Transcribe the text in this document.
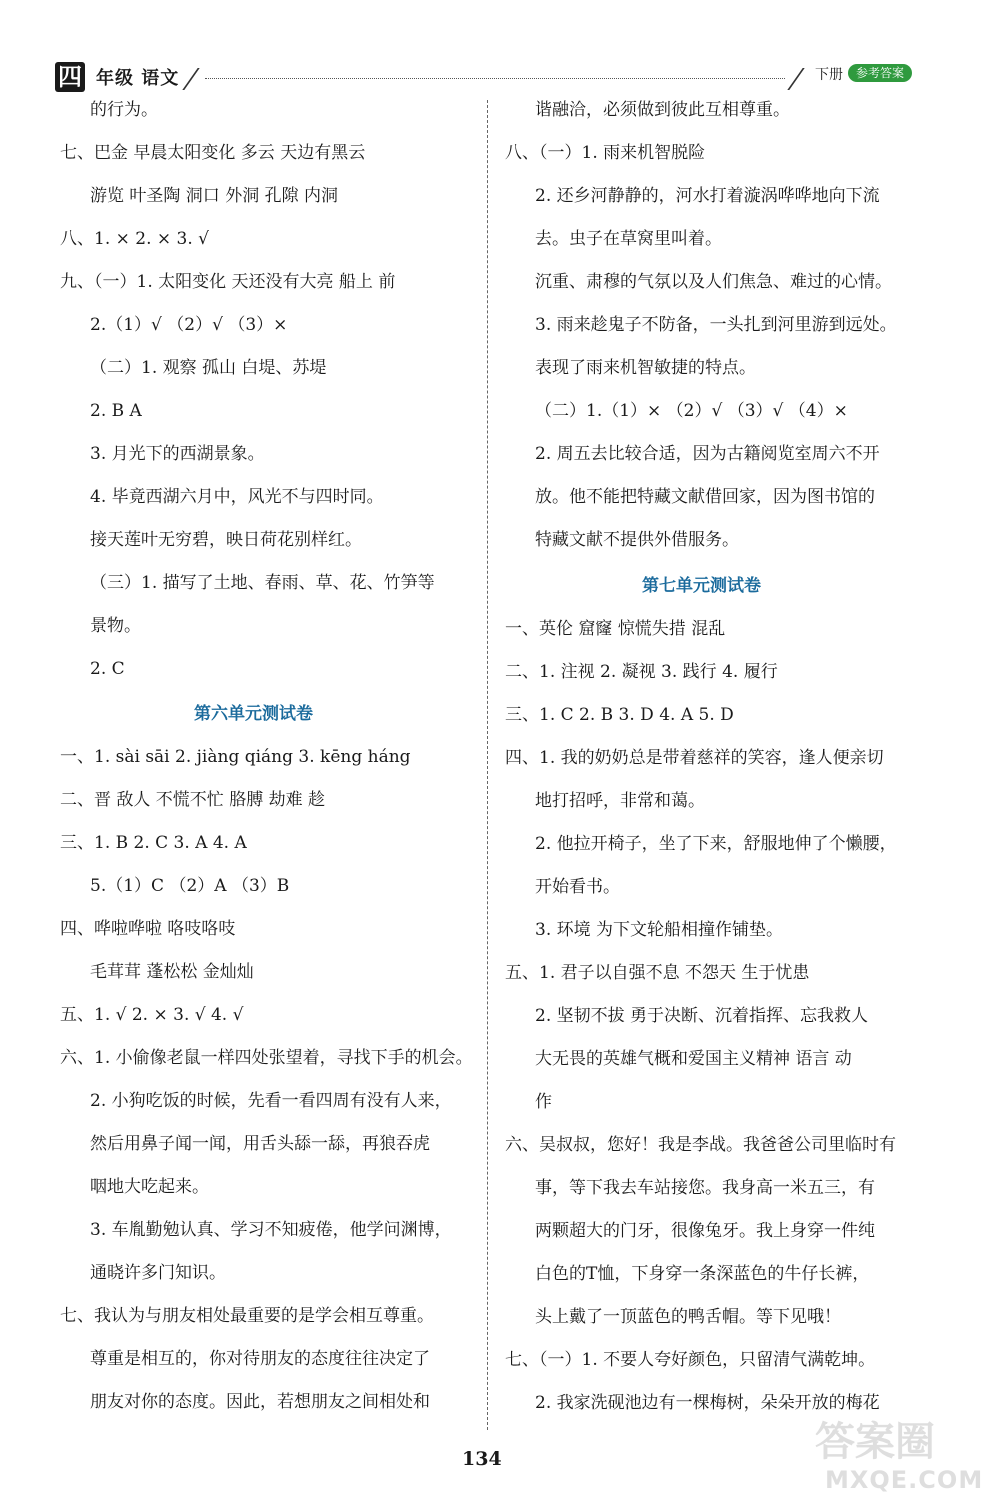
四 年级 语文	下册	参考答案
的行为。
七、巴金 早晨太阳变化 多云 天边有黑云
游览 叶圣陶 洞口 外洞 孔隙 内洞
八、1. × 2. × 3. √
九、（一）1. 太阳变化 天还没有大亮 船上 前
2.（1）√ （2）√ （3）×
（二）1. 观察 孤山 白堤、苏堤
2. B A
3. 月光下的西湖景象。
4. 毕竟西湖六月中，风光不与四时同。
接天莲叶无穷碧，映日荷花别样红。
（三）1. 描写了土地、春雨、草、花、竹笋等
景物。
2. C
第六单元测试卷
一、1. sài sāi 2. jiàng qiáng 3. kēng háng
二、晋 敌人 不慌不忙 胳膊 劫难 趁
三、1. B 2. C 3. A 4. A
5.（1）C （2）A （3）B
四、哗啦哗啦 咯吱咯吱
毛茸茸 蓬松松 金灿灿
五、1. √ 2. × 3. √ 4. √
六、1. 小偷像老鼠一样四处张望着，寻找下手的机会。
2. 小狗吃饭的时候，先看一看四周有没有人来，
然后用鼻子闻一闻，用舌头舔一舔，再狼吞虎
咽地大吃起来。
3. 车胤勤勉认真、学习不知疲倦，他学问渊博，
通晓许多门知识。
七、我认为与朋友相处最重要的是学会相互尊重。
尊重是相互的，你对待朋友的态度往往决定了
朋友对你的态度。因此，若想朋友之间相处和
谐融洽，必须做到彼此互相尊重。
八、（一）1. 雨来机智脱险
2. 还乡河静静的，河水打着漩涡哗哗地向下流
去。虫子在草窝里叫着。
沉重、肃穆的气氛以及人们焦急、难过的心情。
3. 雨来趁鬼子不防备，一头扎到河里游到远处。
表现了雨来机智敏捷的特点。
（二）1.（1）× （2）√ （3）√ （4）×
2. 周五去比较合适，因为古籍阅览室周六不开
放。他不能把特藏文献借回家，因为图书馆的
特藏文献不提供外借服务。
第七单元测试卷
一、英伦 窟窿 惊慌失措 混乱
二、1. 注视 2. 凝视 3. 践行 4. 履行
三、1. C 2. B 3. D 4. A 5. D
四、1. 我的奶奶总是带着慈祥的笑容，逢人便亲切
地打招呼，非常和蔼。
2. 他拉开椅子，坐了下来，舒服地伸了个懒腰，
开始看书。
3. 环境 为下文轮船相撞作铺垫。
五、1. 君子以自强不息 不怨天 生于忧患
2. 坚韧不拔 勇于决断、沉着指挥、忘我救人
大无畏的英雄气概和爱国主义精神 语言 动
作
六、吴叔叔，您好！我是李战。我爸爸公司里临时有
事，等下我去车站接您。我身高一米五三，有
两颗超大的门牙，很像兔牙。我上身穿一件纯
白色的T恤，下身穿一条深蓝色的牛仔长裤，
头上戴了一顶蓝色的鸭舌帽。等下见哦！
七、（一）1. 不要人夸好颜色，只留清气满乾坤。
2. 我家洗砚池边有一棵梅树，朵朵开放的梅花
134	答案圈
MXQE.COM
